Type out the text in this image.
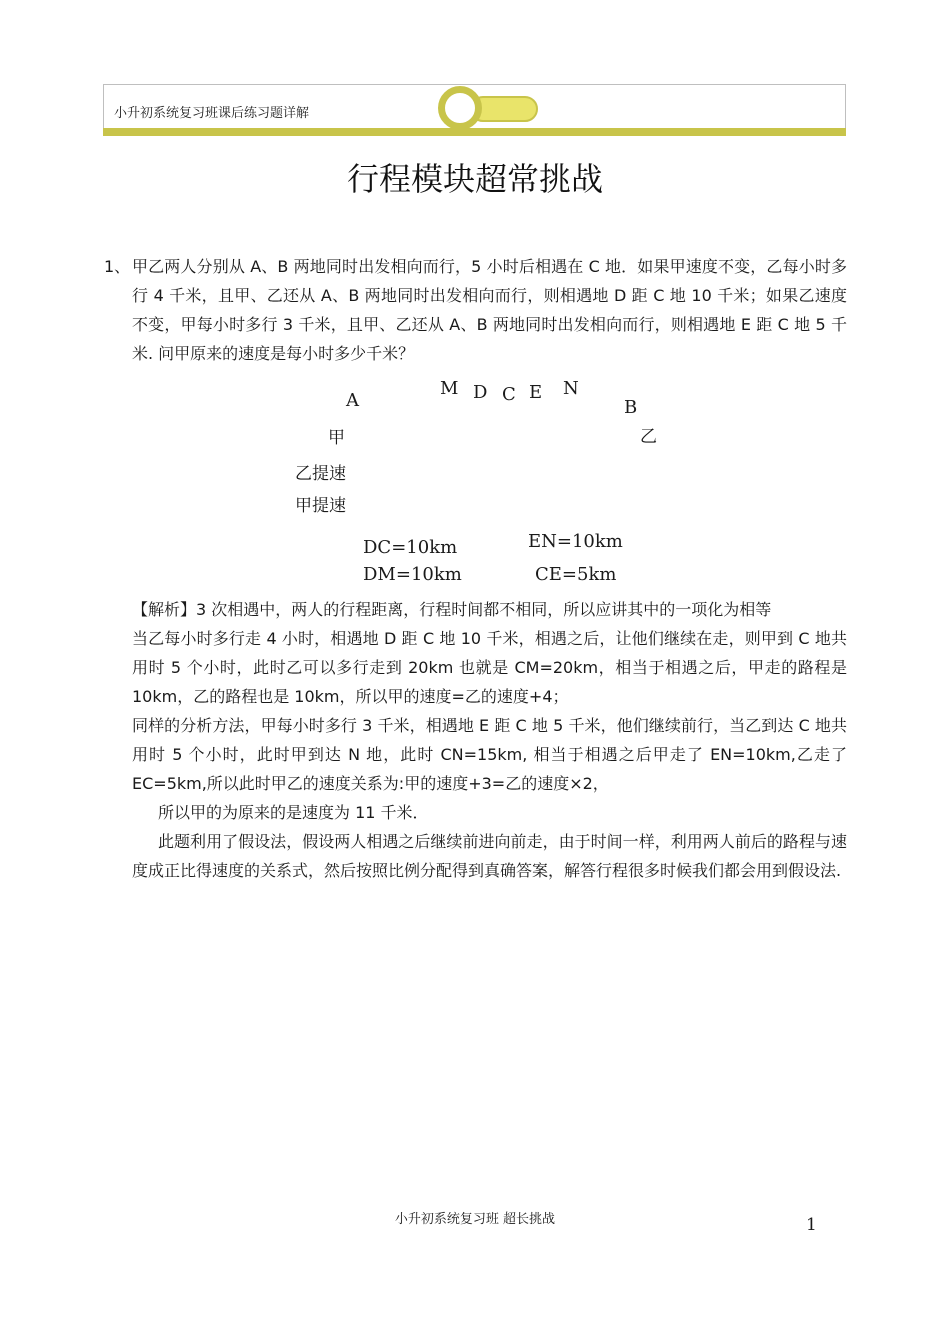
小升初系统复习班课后练习题详解
行程模块超常挑战
1、 甲乙两人分别从 A、B 两地同时出发相向而行，5 小时后相遇在 C 地．如果甲速度不变，乙每小时多行 4 千米，且甲、乙还从 A、B 两地同时出发相向而行，则相遇地 D 距 C 地 10 千米；如果乙速度不变，甲每小时多行 3 千米，且甲、乙还从 A、B 两地同时出发相向而行，则相遇地 E 距 C 地 5 千米. 问甲原来的速度是每小时多少千米？
A
M D C E N
B
甲	乙
乙提速
甲提速
DC=10km
DM=10km
EN=10km
CE=5km

【解析】3 次相遇中，两人的行程距离，行程时间都不相同，所以应讲其中的一项化为相等

当乙每小时多行走 4 小时，相遇地 D 距 C 地 10 千米，相遇之后，让他们继续在走，则甲到 C 地共用时 5 个小时，此时乙可以多行走到 20km 也就是 CM=20km，相当于相遇之后，甲走的路程是 10km，乙的路程也是 10km，所以甲的速度=乙的速度+4；

同样的分析方法，甲每小时多行 3 千米，相遇地 E 距 C 地 5 千米，他们继续前行，当乙到达 C 地共用时 5 个小时，此时甲到达 N 地，此时 CN=15km, 相当于相遇之后甲走了 EN=10km,乙走了 EC=5km,所以此时甲乙的速度关系为:甲的速度+3=乙的速度×2，

所以甲的为原来的是速度为 11 千米．

此题利用了假设法，假设两人相遇之后继续前进向前走，由于时间一样，利用两人前后的路程与速度成正比得速度的关系式，然后按照比例分配得到真确答案，解答行程很多时候我们都会用到假设法.

小升初系统复习班 超长挑战	1
